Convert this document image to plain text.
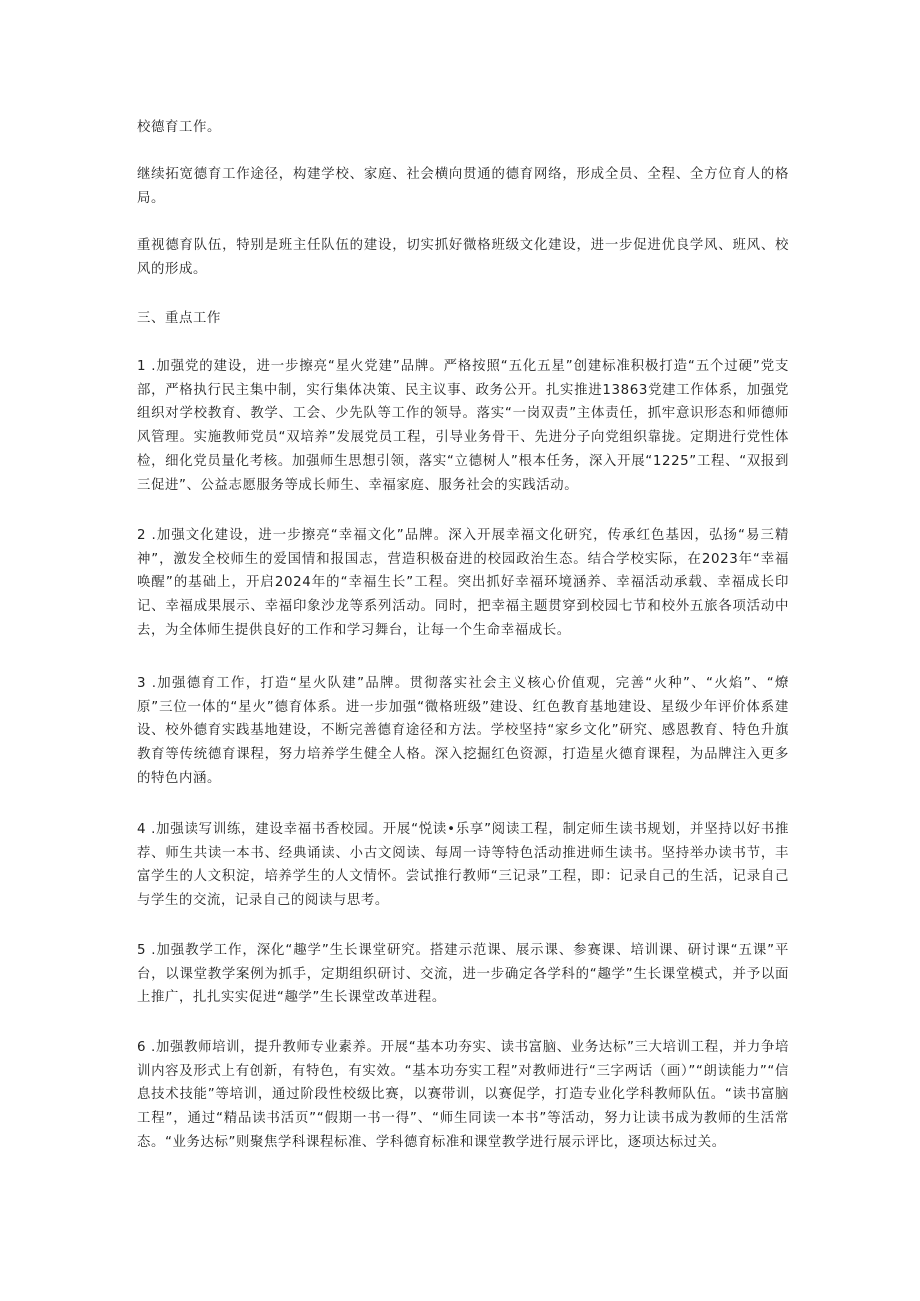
校德育工作。

继续拓宽德育工作途径，构建学校、家庭、社会横向贯通的德育网络，形成全员、全程、全方位育人的格局。

重视德育队伍，特别是班主任队伍的建设，切实抓好微格班级文化建设，进一步促进优良学风、班风、校风的形成。

三、重点工作

1 .加强党的建设，进一步擦亮“星火党建”品牌。严格按照“五化五星”创建标准积极打造“五个过硬”党支部，严格执行民主集中制，实行集体决策、民主议事、政务公开。扎实推进13863党建工作体系，加强党组织对学校教育、教学、工会、少先队等工作的领导。落实“一岗双责”主体责任，抓牢意识形态和师德师风管理。实施教师党员“双培养”发展党员工程，引导业务骨干、先进分子向党组织靠拢。定期进行党性体检，细化党员量化考核。加强师生思想引领，落实“立德树人”根本任务，深入开展“1225”工程、“双报到三促进”、公益志愿服务等成长师生、幸福家庭、服务社会的实践活动。

2 .加强文化建设，进一步擦亮“幸福文化”品牌。深入开展幸福文化研究，传承红色基因，弘扬“易三精神”，激发全校师生的爱国情和报国志，营造积极奋进的校园政治生态。结合学校实际，在2023年“幸福唤醒”的基础上，开启2024年的“幸福生长”工程。突出抓好幸福环境涵养、幸福活动承载、幸福成长印记、幸福成果展示、幸福印象沙龙等系列活动。同时，把幸福主题贯穿到校园七节和校外五旅各项活动中去，为全体师生提供良好的工作和学习舞台，让每一个生命幸福成长。

3 .加强德育工作，打造“星火队建”品牌。贯彻落实社会主义核心价值观，完善“火种”、“火焰”、“燎原”三位一体的“星火”德育体系。进一步加强“微格班级”建设、红色教育基地建设、星级少年评价体系建设、校外德育实践基地建设，不断完善德育途径和方法。学校坚持“家乡文化”研究、感恩教育、特色升旗教育等传统德育课程，努力培养学生健全人格。深入挖掘红色资源，打造星火德育课程，为品牌注入更多的特色内涵。

4 .加强读写训练，建设幸福书香校园。开展“悦读•乐享”阅读工程，制定师生读书规划，并坚持以好书推荐、师生共读一本书、经典诵读、小古文阅读、每周一诗等特色活动推进师生读书。坚持举办读书节，丰富学生的人文积淀，培养学生的人文情怀。尝试推行教师“三记录”工程，即：记录自己的生活，记录自己与学生的交流，记录自己的阅读与思考。

5 .加强教学工作，深化“趣学”生长课堂研究。搭建示范课、展示课、参赛课、培训课、研讨课“五课”平台，以课堂教学案例为抓手，定期组织研讨、交流，进一步确定各学科的“趣学”生长课堂模式，并予以面上推广，扎扎实实促进“趣学”生长课堂改革进程。

6 .加强教师培训，提升教师专业素养。开展“基本功夯实、读书富脑、业务达标”三大培训工程，并力争培训内容及形式上有创新，有特色，有实效。“基本功夯实工程”对教师进行“三字两话（画）”“朗读能力”“信息技术技能”等培训，通过阶段性校级比赛，以赛带训，以赛促学，打造专业化学科教师队伍。“读书富脑工程”，通过“精品读书活页”“假期一书一得”、“师生同读一本书”等活动，努力让读书成为教师的生活常态。“业务达标”则聚焦学科课程标准、学科德育标准和课堂教学进行展示评比，逐项达标过关。
